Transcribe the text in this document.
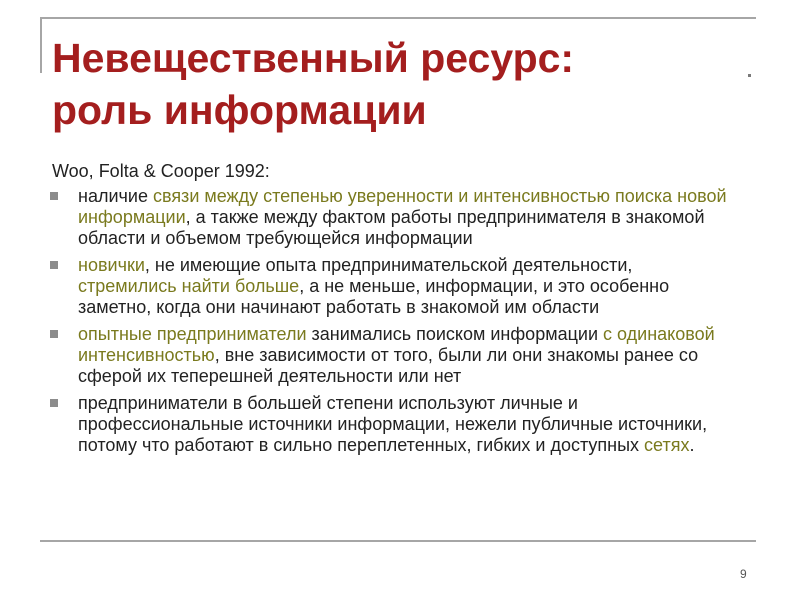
Невещественный ресурс:
роль информации
Woo, Folta & Cooper 1992:
наличие связи между степенью уверенности и интенсивностью поиска новой информации, а также между фактом работы предпринимателя в знакомой области и объемом требующейся информации
новички, не имеющие опыта предпринимательской деятельности, стремились найти больше, а не меньше, информации, и это особенно заметно, когда они начинают работать в знакомой им области
опытные предприниматели занимались поиском информации с одинаковой интенсивностью, вне зависимости от того, были ли они знакомы ранее со сферой их теперешней деятельности или нет
предприниматели в большей степени используют личные и профессиональные источники информации, нежели публичные источники, потому что работают в сильно переплетенных, гибких и доступных сетях.
9
